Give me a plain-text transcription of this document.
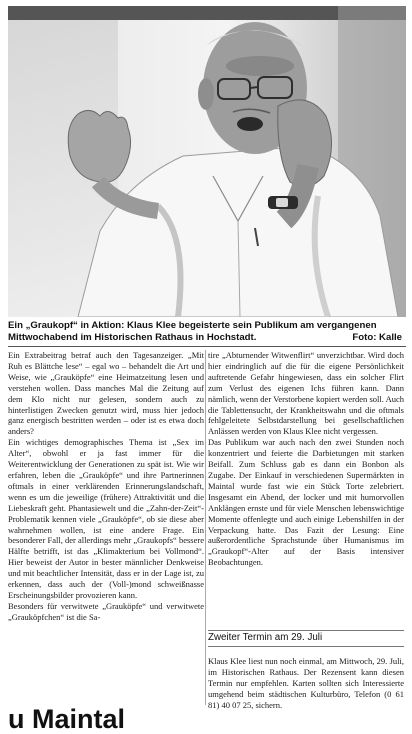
Ein „Graukopf“ in Aktion: Klaus Klee begeisterte sein Publikum am vergangenen Mittwochabend im Historischen Rathaus in Hochstadt.	Foto: Kalle

Ein Extrabeitrag betraf auch den Tagesanzeiger. „Mit Ruh es Blättche lese“ – egal wo – behandelt die Art und Weise, wie „Grauköpfe“ eine Heimatzeitung lesen und verstehen wollen. Dass manches Mal die Zeitung auf dem Klo nicht nur gelesen, sondern auch zu hinterlistigen Zwecken genutzt wird, muss hier jedoch ganz energisch bestritten werden – oder ist es etwa doch anders?

Ein wichtiges demographisches Thema ist „Sex im Alter“, obwohl er ja fast immer für die Weiterentwicklung der Generationen zu spät ist. Wie wir erfahren, leben die „Grauköpfe“ und ihre Partnerinnen oftmals in einer verklärenden Erinnerungslandschaft, wenn es um die jeweilige (frühere) Attraktivität und die Liebeskraft geht. Phantasiewelt und die „Zahn-der-Zeit“-Problematik kennen viele „Grauköpfe“, ob sie diese aber wahrnehmen wollen, ist eine andere Frage. Ein besonderer Fall, der allerdings mehr „Graukopfs“ bessere Hälfte betrifft, ist das „Klimakterium bei Vollmond“. Hier beweist der Autor in bester männlicher Denkweise und mit beachtlicher Intensität, dass er in der Lage ist, zu erkennen, dass auch der (Voll-)mond schweißnasse Erscheinungsbilder provozieren kann.

Besonders für verwitwete „Grauköpfe“ und verwitwete „Grauköpfchen“ ist die Sa-

tire „Abturnender Witwenflirt“ unverzichtbar. Wird doch hier eindringlich auf die für die eigene Persönlichkeit auftretende Gefahr hingewiesen, dass ein solcher Flirt zum Verlust des eigenen Ichs führen kann. Dann nämlich, wenn der Verstorbene kopiert werden soll. Auch die Tablettensucht, der Krankheitswahn und die oftmals fehlgeleitete Selbstdarstellung bei gesellschaftlichen Anlässen werden von Klaus Klee nicht vergessen.

Das Publikum war auch nach den zwei Stunden noch konzentriert und feierte die Darbietungen mit starken Beifall. Zum Schluss gab es dann ein Bonbon als Zugabe. Der Einkauf in verschiedenen Supermärkten in Maintal wurde fast wie ein Stück Torte zelebriert. Insgesamt ein Abend, der locker und mit humorvollen Anklängen ernste und für viele Menschen lebenswichtige Momente offenlegte und auch einige Lebenshilfen in der Verpackung hatte. Das Fazit der Lesung: Eine außerordentliche Sprachstunde über Humanismus im „Graukopf“-Alter auf der Basis intensiver Beobachtungen.

Zweiter Termin am 29. Juli
Klaus Klee liest nun noch einmal, am Mittwoch, 29. Juli, im Historischen Rathaus. Der Rezensent kann diesen Termin nur empfehlen. Karten sollten sich Interessierte umgehend beim städtischen Kulturbüro, Telefon (0 61 81) 40 07 25, sichern.
u Maintal
